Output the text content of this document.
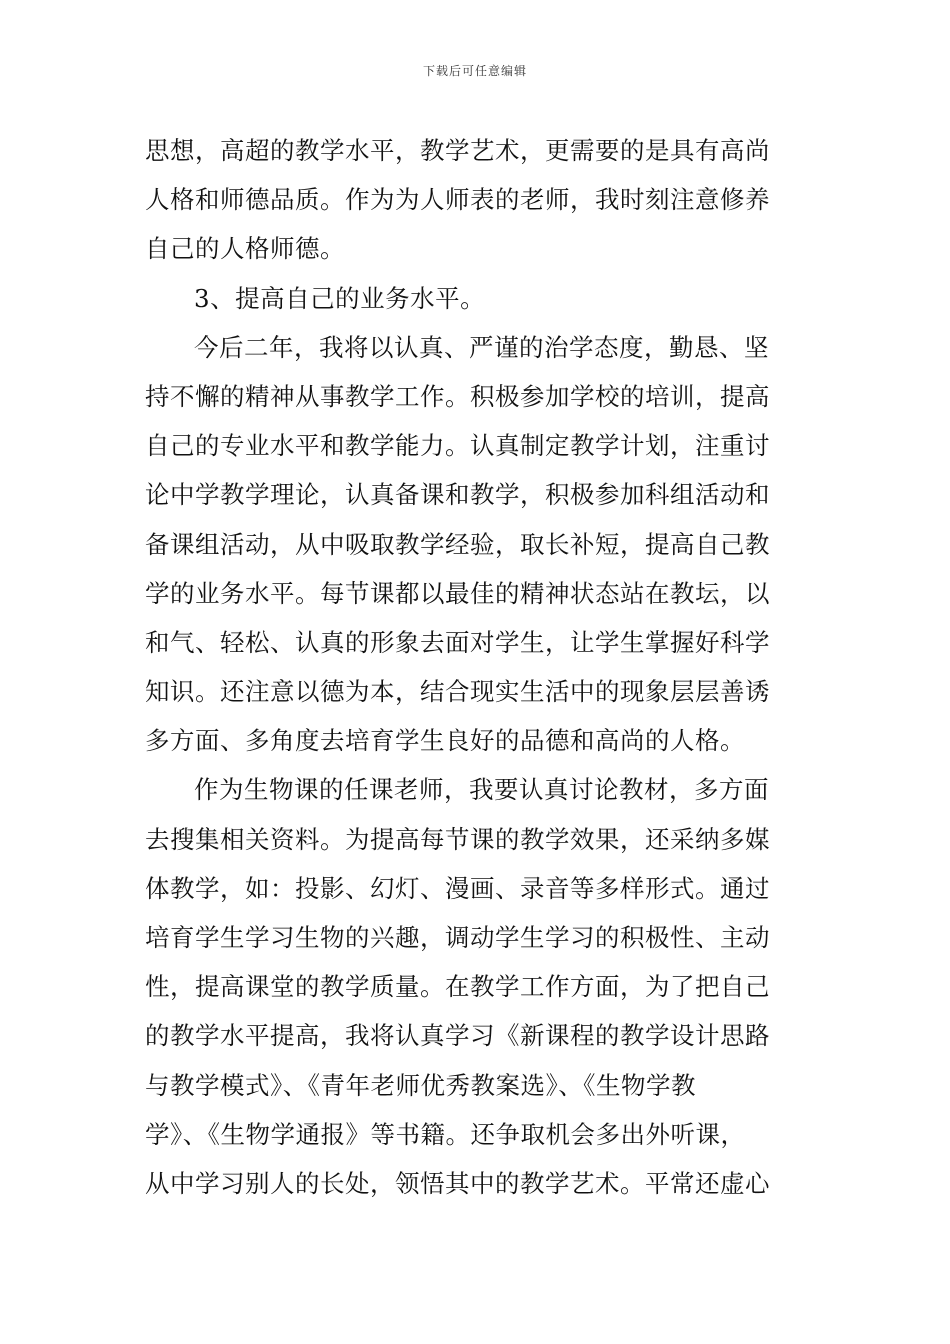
下载后可任意编辑
思想，高超的教学水平，教学艺术，更需要的是具有高尚
人格和师德品质。作为为人师表的老师，我时刻注意修养
自己的人格师德。
3、提高自己的业务水平。
今后二年，我将以认真、严谨的治学态度，勤恳、坚
持不懈的精神从事教学工作。积极参加学校的培训，提高
自己的专业水平和教学能力。认真制定教学计划，注重讨
论中学教学理论，认真备课和教学，积极参加科组活动和
备课组活动，从中吸取教学经验，取长补短，提高自己教
学的业务水平。每节课都以最佳的精神状态站在教坛，以
和气、轻松、认真的形象去面对学生，让学生掌握好科学
知识。还注意以德为本，结合现实生活中的现象层层善诱
多方面、多角度去培育学生良好的品德和高尚的人格。
作为生物课的任课老师，我要认真讨论教材，多方面
去搜集相关资料。为提高每节课的教学效果，还采纳多媒
体教学，如：投影、幻灯、漫画、录音等多样形式。通过
培育学生学习生物的兴趣，调动学生学习的积极性、主动
性，提高课堂的教学质量。在教学工作方面，为了把自己
的教学水平提高，我将认真学习《新课程的教学设计思路
与教学模式》、《青年老师优秀教案选》、《生物学教
学》、《生物学通报》等书籍。还争取机会多出外听课，
从中学习别人的长处，领悟其中的教学艺术。平常还虚心
